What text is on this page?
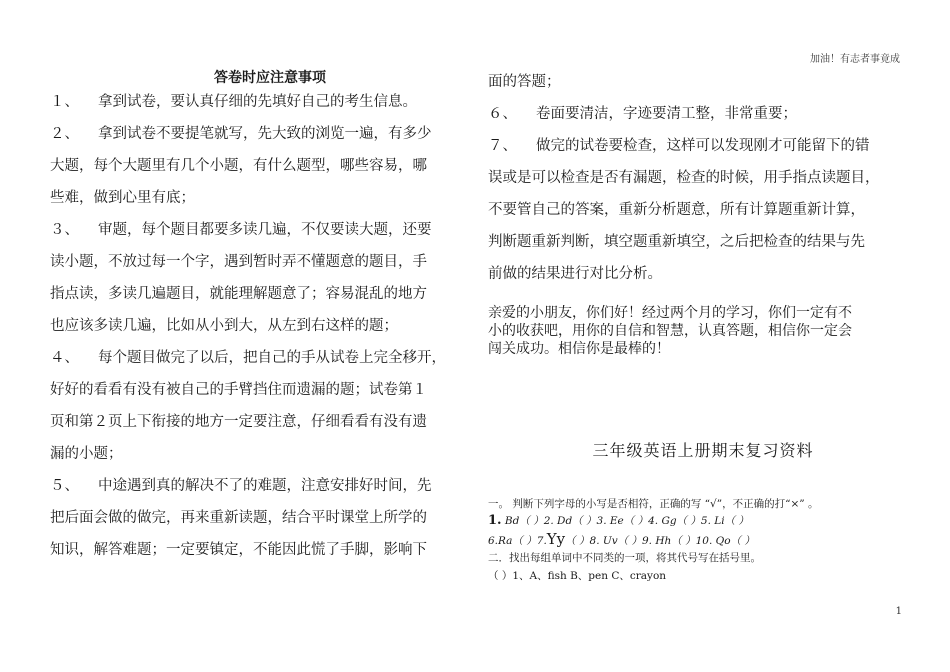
加油！有志者事竟成
答卷时应注意事项
１、 拿到试卷，要认真仔细的先填好自己的考生信息。
２、 拿到试卷不要提笔就写，先大致的浏览一遍，有多少
大题，每个大题里有几个小题，有什么题型，哪些容易，哪
些难，做到心里有底；
３、 审题，每个题目都要多读几遍，不仅要读大题，还要
读小题，不放过每一个字，遇到暂时弄不懂题意的题目，手
指点读，多读几遍题目，就能理解题意了；容易混乱的地方
也应该多读几遍，比如从小到大，从左到右这样的题；
４、 每个题目做完了以后，把自己的手从试卷上完全移开，
好好的看看有没有被自己的手臂挡住而遗漏的题；试卷第１
页和第２页上下衔接的地方一定要注意，仔细看看有没有遗
漏的小题；
５、 中途遇到真的解决不了的难题，注意安排好时间，先
把后面会做的做完，再来重新读题，结合平时课堂上所学的
知识，解答难题；一定要镇定，不能因此慌了手脚，影响下
面的答题；
６、 卷面要清洁，字迹要清工整，非常重要；
７、 做完的试卷要检查，这样可以发现刚才可能留下的错
误或是可以检查是否有漏题，检查的时候，用手指点读题目，
不要管自己的答案，重新分析题意，所有计算题重新计算，
判断题重新判断，填空题重新填空，之后把检查的结果与先
前做的结果进行对比分析。
亲爱的小朋友，你们好！经过两个月的学习，你们一定有不
小的收获吧，用你的自信和智慧，认真答题，相信你一定会
闯关成功。相信你是最棒的！
三年级英语上册期末复习资料
一。 判断下列字母的小写是否相符，正确的写 “√”，不正确的打“×” 。
1. Bd（ ）2. Dd（ ）3. Ee（ ）4. Gg（ ）5. Li（ ）
6.Ra（ ）7.Yy（ ）8. Uv（ ）9. Hh（ ）10. Qo（ ）
二．找出每组单词中不同类的一项，将其代号写在括号里。
（ ）1、A、fish B、pen C、crayon
1
